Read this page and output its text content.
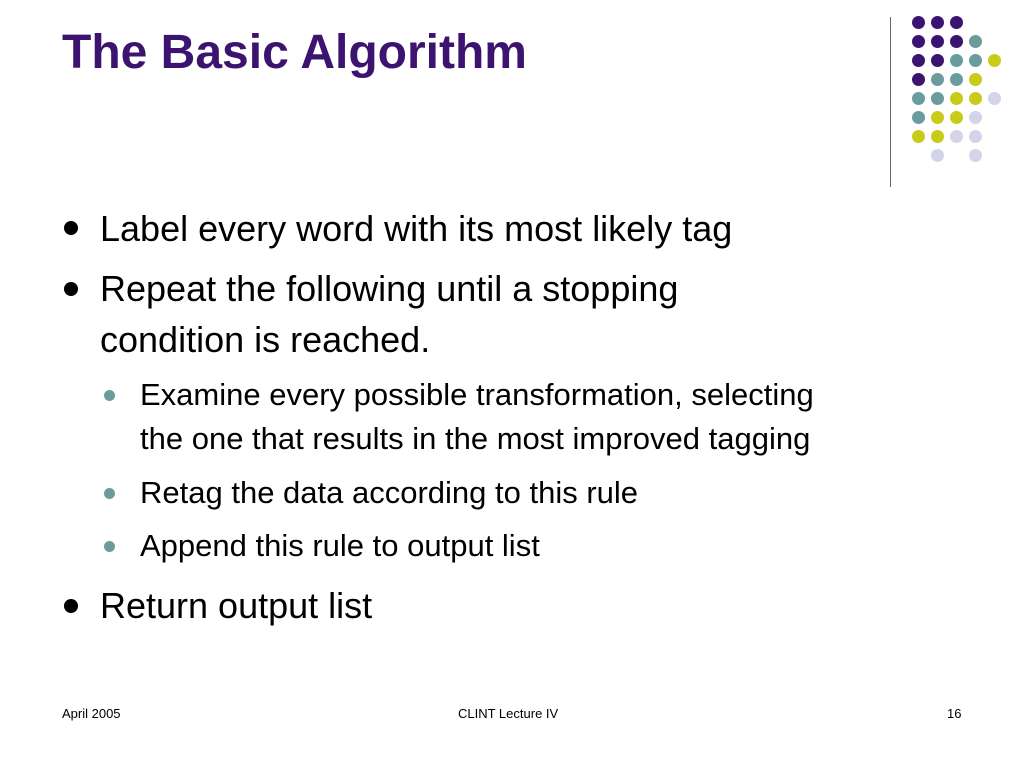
The Basic Algorithm
Label every word with its most likely tag
Repeat the following until a stopping
condition is reached.
Examine every possible transformation, selecting
the one that results in the most improved tagging
Retag the data according to this rule
Append this rule to output list
Return output list
April 2005	CLINT Lecture IV	16
